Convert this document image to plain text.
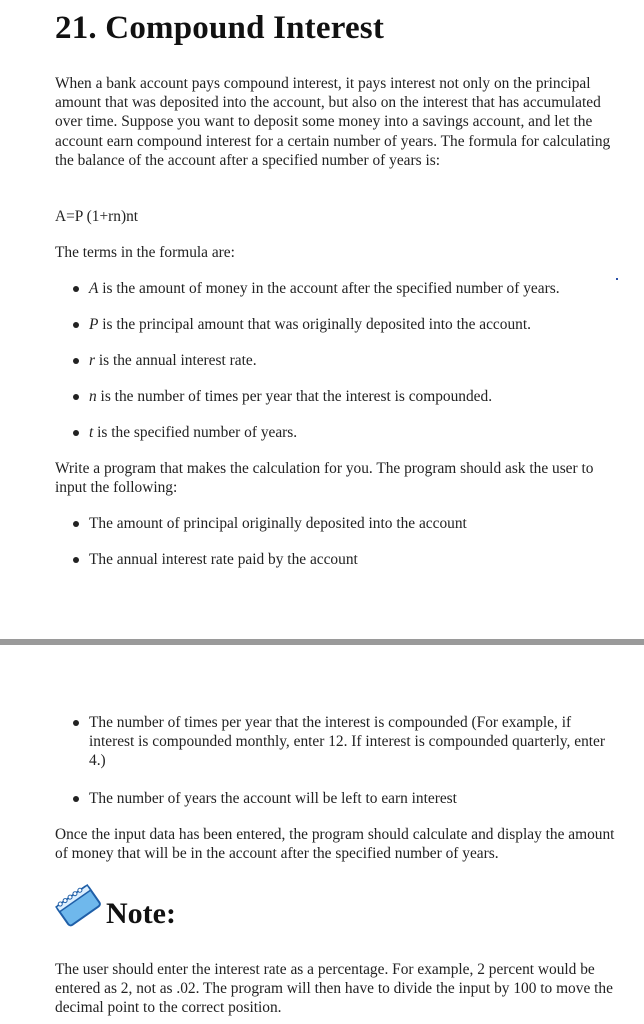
21. Compound Interest

When a bank account pays compound interest, it pays interest not only on the principal amount that was deposited into the account, but also on the interest that has accumulated over time. Suppose you want to deposit some money into a savings account, and let the account earn compound interest for a certain number of years. The formula for calculating the balance of the account after a specified number of years is:

A=P (1+rn)nt

The terms in the formula are:

A is the amount of money in the account after the specified number of years.

P is the principal amount that was originally deposited into the account.

r is the annual interest rate.

n is the number of times per year that the interest is compounded.

t is the specified number of years.

Write a program that makes the calculation for you. The program should ask the user to input the following:

The amount of principal originally deposited into the account

The annual interest rate paid by the account

The number of times per year that the interest is compounded (For example, if interest is compounded monthly, enter 12. If interest is compounded quarterly, enter 4.)

The number of years the account will be left to earn interest

Once the input data has been entered, the program should calculate and display the amount of money that will be in the account after the specified number of years.

Note:

The user should enter the interest rate as a percentage. For example, 2 percent would be entered as 2, not as .02. The program will then have to divide the input by 100 to move the decimal point to the correct position.
